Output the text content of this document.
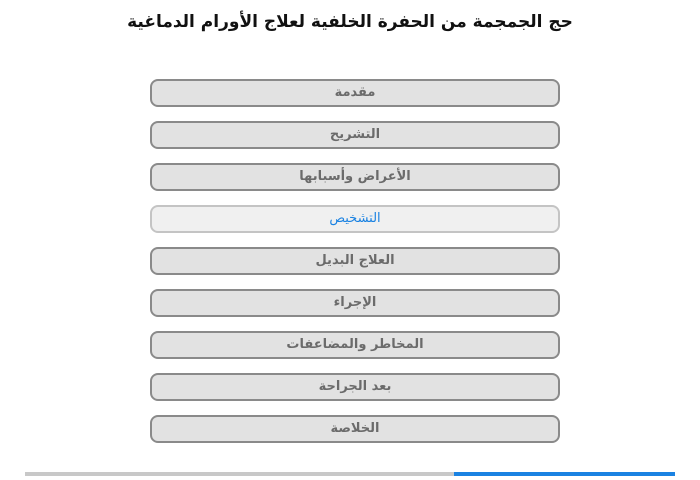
حج الجمجمة من الحفرة الخلفية لعلاج الأورام الدماغية
مقدمة
التشريح
الأعراض وأسبابها
التشخيص
العلاج البديل
الإجراء
المخاطر والمضاعفات
بعد الجراحة
الخلاصة
